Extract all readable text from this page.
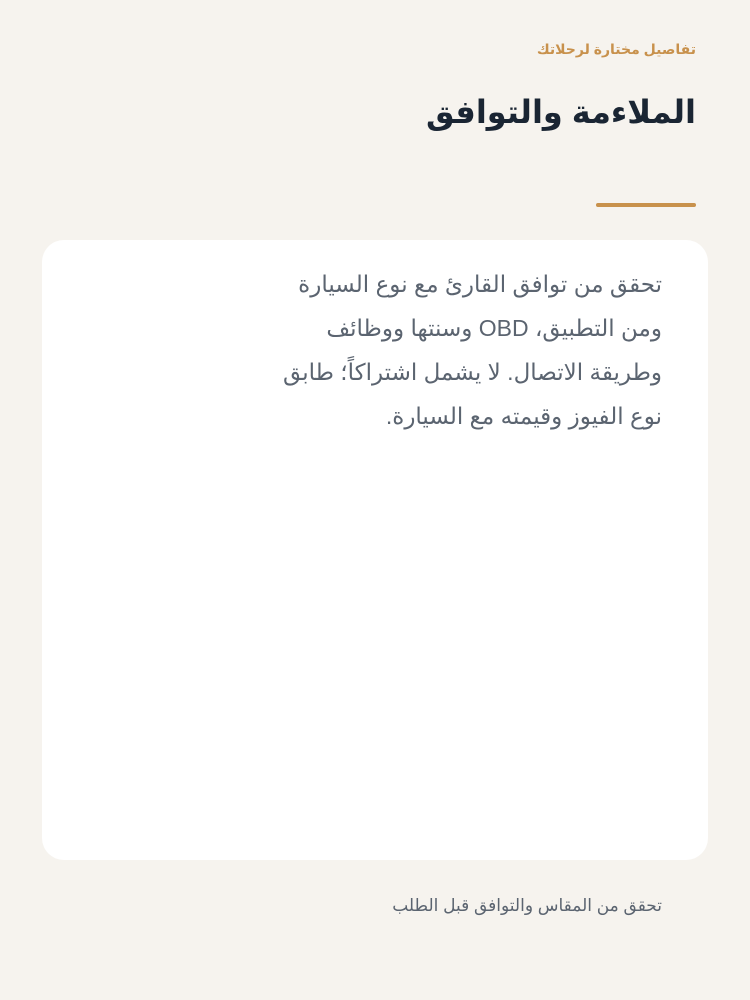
تفاصيل مختارة لرحلاتك

الملاءمة والتوافق

تحقق من توافق القارئ مع نوع السيارة ومن التطبيق، OBD وسنتها ووظائف وطريقة الاتصال. لا يشمل اشتراكاً؛ طابق نوع الفيوز وقيمته مع السيارة.

تحقق من المقاس والتوافق قبل الطلب
